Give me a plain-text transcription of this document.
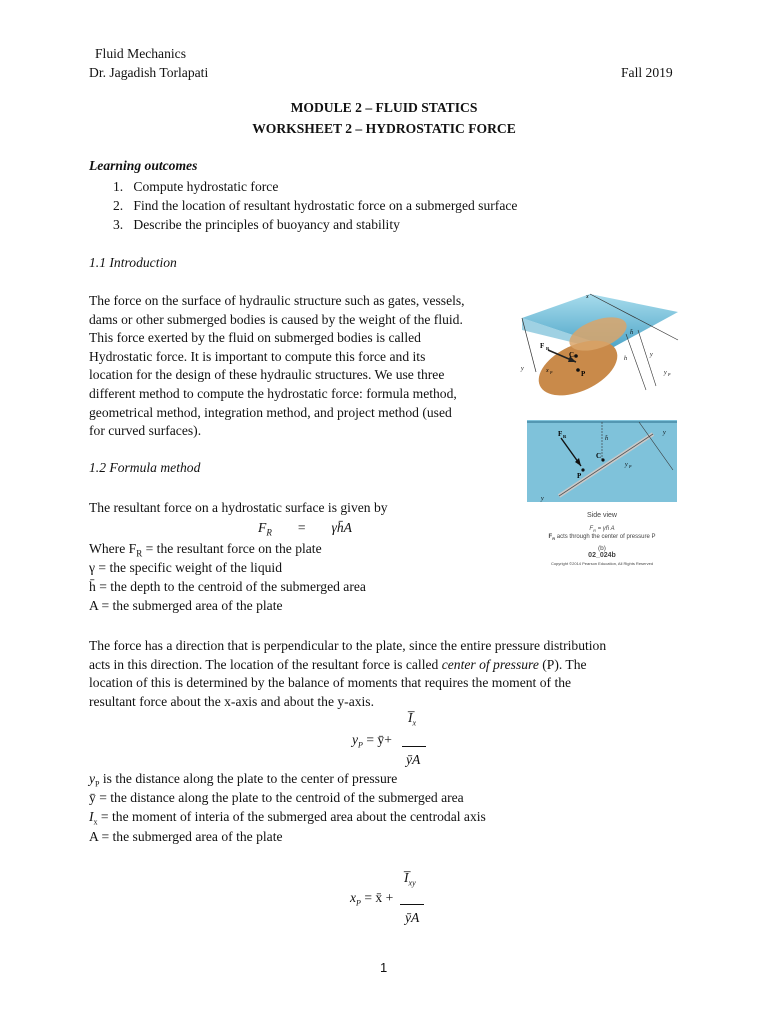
Fluid Mechanics
Dr. Jagadish Torlapati	Fall 2019
MODULE 2 – FLUID STATICS
WORKSHEET 2 – HYDROSTATIC FORCE
Learning outcomes
1.   Compute hydrostatic force
2.   Find the location of resultant hydrostatic force on a submerged surface
3.   Describe the principles of buoyancy and stability
1.1 Introduction
The force on the surface of hydraulic structure such as gates, vessels,
dams or other submerged bodies is caused by the weight of the fluid.
This force exerted by the fluid on submerged bodies is called
Hydrostatic force. It is important to compute this force and its
location for the design of these hydraulic structures. We use three
different method to compute the hydrostatic force: formula method,
geometrical method, integration method, and project method (used
for curved surfaces).
x
y
y
h̄
h
F R
C
P	y P
x P
F R	h̄
C
P
y P
y
y
Side view
$F_R$ = γh̄ A
$F_R$ acts through the center of pressure P
(b)
02_024b
Copyright ©2014 Pearson Education, All Rights Reserved
1.2 Formula method
The resultant force on a hydrostatic surface is given by
$F_R$ = γh̄A
Where $F_R$ = the resultant force on the plate
γ = the specific weight of the liquid
h̄ = the depth to the centroid of the submerged area
A = the submerged area of the plate
The force has a direction that is perpendicular to the plate, since the entire pressure distribution
acts in this direction. The location of the resultant force is called center of pressure (P). The
location of this is determined by the balance of moments that requires the moment of the
resultant force about the x-axis and about the y-axis.
$y_P$ = ȳ+
$I̅_x$
ȳA
$y_P$ is the distance along the plate to the center of pressure
ȳ = the distance along the plate to the centroid of the submerged area
$I_x$ = the moment of interia of the submerged area about the centrodal axis
A = the submerged area of the plate
$x_P$ = x̄ +
$I̅_{xy}$
ȳA
1
